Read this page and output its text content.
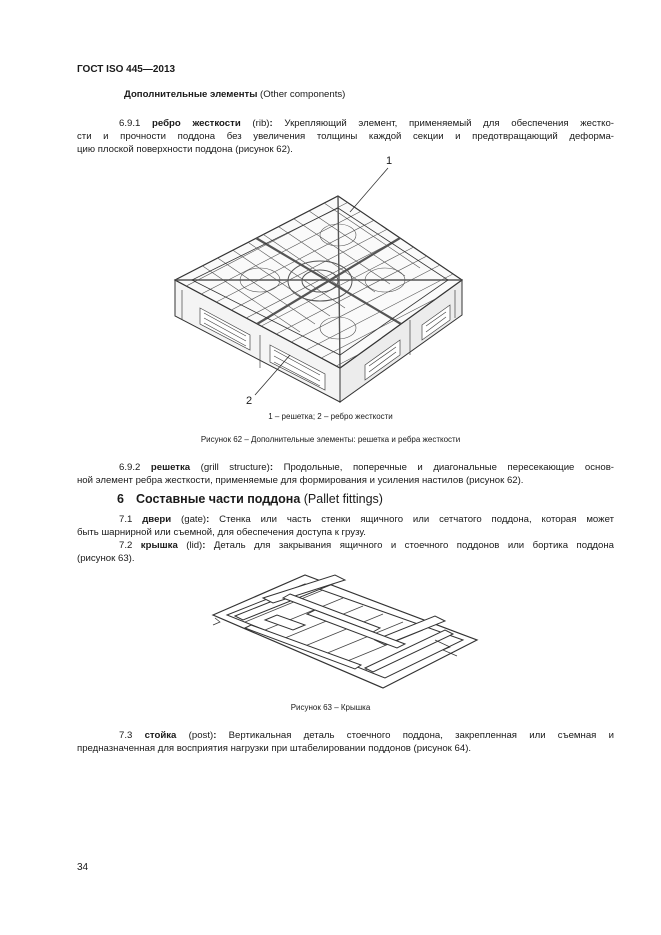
ГОСТ ISO 445—2013
Дополнительные элементы (Other components)
6.9.1 ребро жесткости (rib): Укрепляющий элемент, применяемый для обеспечения жестко-
сти и прочности поддона без увеличения толщины каждой секции и предотвращающий деформа-
цию плоской поверхности поддона (рисунок 62).
1
2
1 – решетка; 2 – ребро жесткости
Рисунок 62 – Дополнительные элементы: решетка и ребра жесткости
6.9.2 решетка (grill structure): Продольные, поперечные и диагональные пересекающие основ-
ной элемент ребра жесткости, применяемые для формирования и усиления настилов (рисунок 62).
6 Составные части поддона (Pallet fittings)
7.1 двери (gate): Стенка или часть стенки ящичного или сетчатого поддона, которая может
быть шарнирной или съемной, для обеспечения доступа к грузу.
7.2 крышка (lid): Деталь для закрывания ящичного и стоечного поддонов или бортика поддона
(рисунок 63).
Рисунок 63 – Крышка
7.3 стойка (post): Вертикальная деталь стоечного поддона, закрепленная или съемная и
предназначенная для восприятия нагрузки при штабелировании поддонов (рисунок 64).
34
